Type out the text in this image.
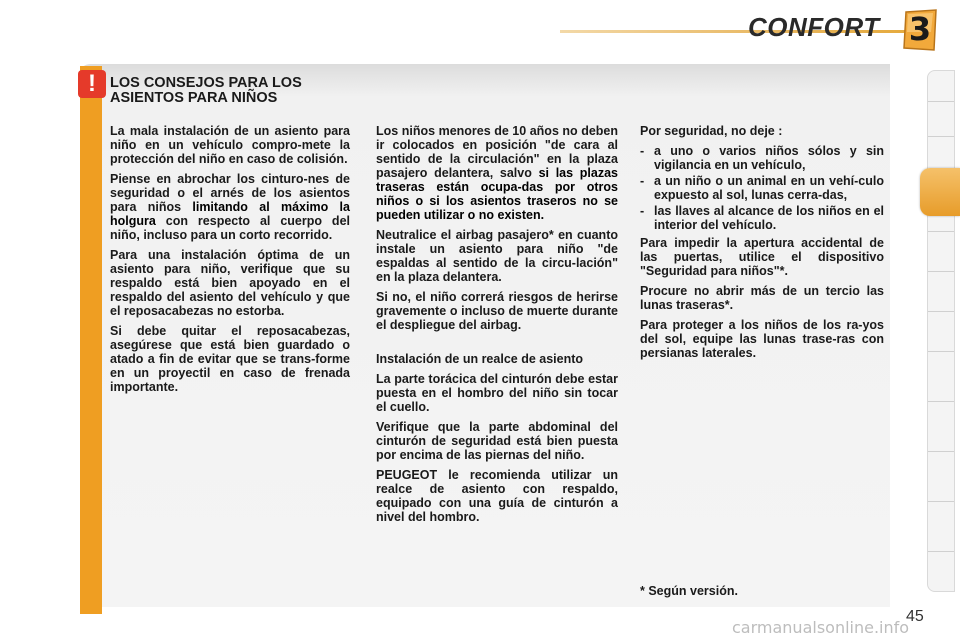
CONFORT 3
! LOS CONSEJOS PARA LOS ASIENTOS PARA NIÑOS

La mala instalación de un asiento para niño en un vehículo compro-mete la protección del niño en caso de colisión.

Piense en abrochar los cinturo-nes de seguridad o el arnés de los asientos para niños limitando al máximo la holgura con respecto al cuerpo del niño, incluso para un corto recorrido.

Para una instalación óptima de un asiento para niño, verifique que su respaldo está bien apoyado en el respaldo del asiento del vehículo y que el reposacabezas no estorba.

Si debe quitar el reposacabezas, asegúrese que está bien guardado o atado a fin de evitar que se trans-forme en un proyectil en caso de frenada importante.

Los niños menores de 10 años no deben ir colocados en posición "de cara al sentido de la circulación" en la plaza pasajero delantera, salvo si las plazas traseras están ocupa-das por otros niños o si los asientos traseros no se pueden utilizar o no existen.

Neutralice el airbag pasajero* en cuanto instale un asiento para niño "de espaldas al sentido de la circu-lación" en la plaza delantera.

Si no, el niño correrá riesgos de herirse gravemente o incluso de muerte durante el despliegue del airbag.

Instalación de un realce de asiento

La parte torácica del cinturón debe estar puesta en el hombro del niño sin tocar el cuello.

Verifique que la parte abdominal del cinturón de seguridad está bien puesta por encima de las piernas del niño.

PEUGEOT le recomienda utilizar un realce de asiento con respaldo, equipado con una guía de cinturón a nivel del hombro.

Por seguridad, no deje :

- a uno o varios niños sólos y sin vigilancia en un vehículo,
- a un niño o un animal en un vehí-culo expuesto al sol, lunas cerra-das,
- las llaves al alcance de los niños en el interior del vehículo.

Para impedir la apertura accidental de las puertas, utilice el dispositivo "Seguridad para niños"*.

Procure no abrir más de un tercio las lunas traseras*.

Para proteger a los niños de los ra-yos del sol, equipe las lunas trase-ras con persianas laterales.

* Según versión.
45
carmanualsonline.info
